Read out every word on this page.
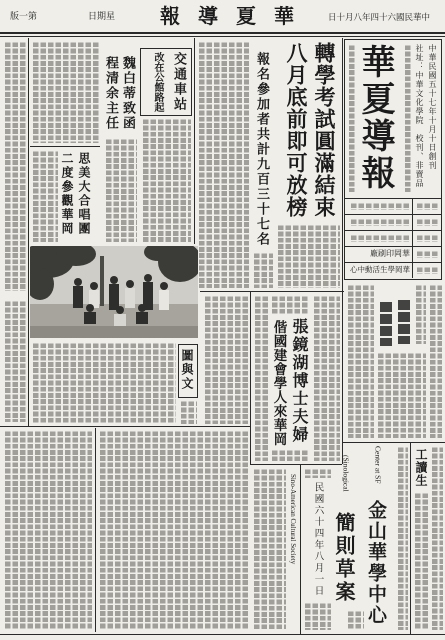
第一版	星期日 華夏導報 中華民國六十四年八月十日
華夏導報	中華民國五十七年十月十日創刊
社址：中華文化學院
校刊、非賣品
華岡印刷廠
華岡學生活動中心
轉學考試圓滿結束
八月底前即可放榜
報名參加者共計九百三十七名
交通車站
改在公館路起
魏白蒂致函
程清余主任
思美大合唱團
二度參觀華岡
圖與文	張鏡湖博士夫婦
偕國建會學人來華岡
Center at SF
金山華學中心
(Sinological
簡則草案
民國六十四年八月一日
工讀生
Sino-American Cultural Society
